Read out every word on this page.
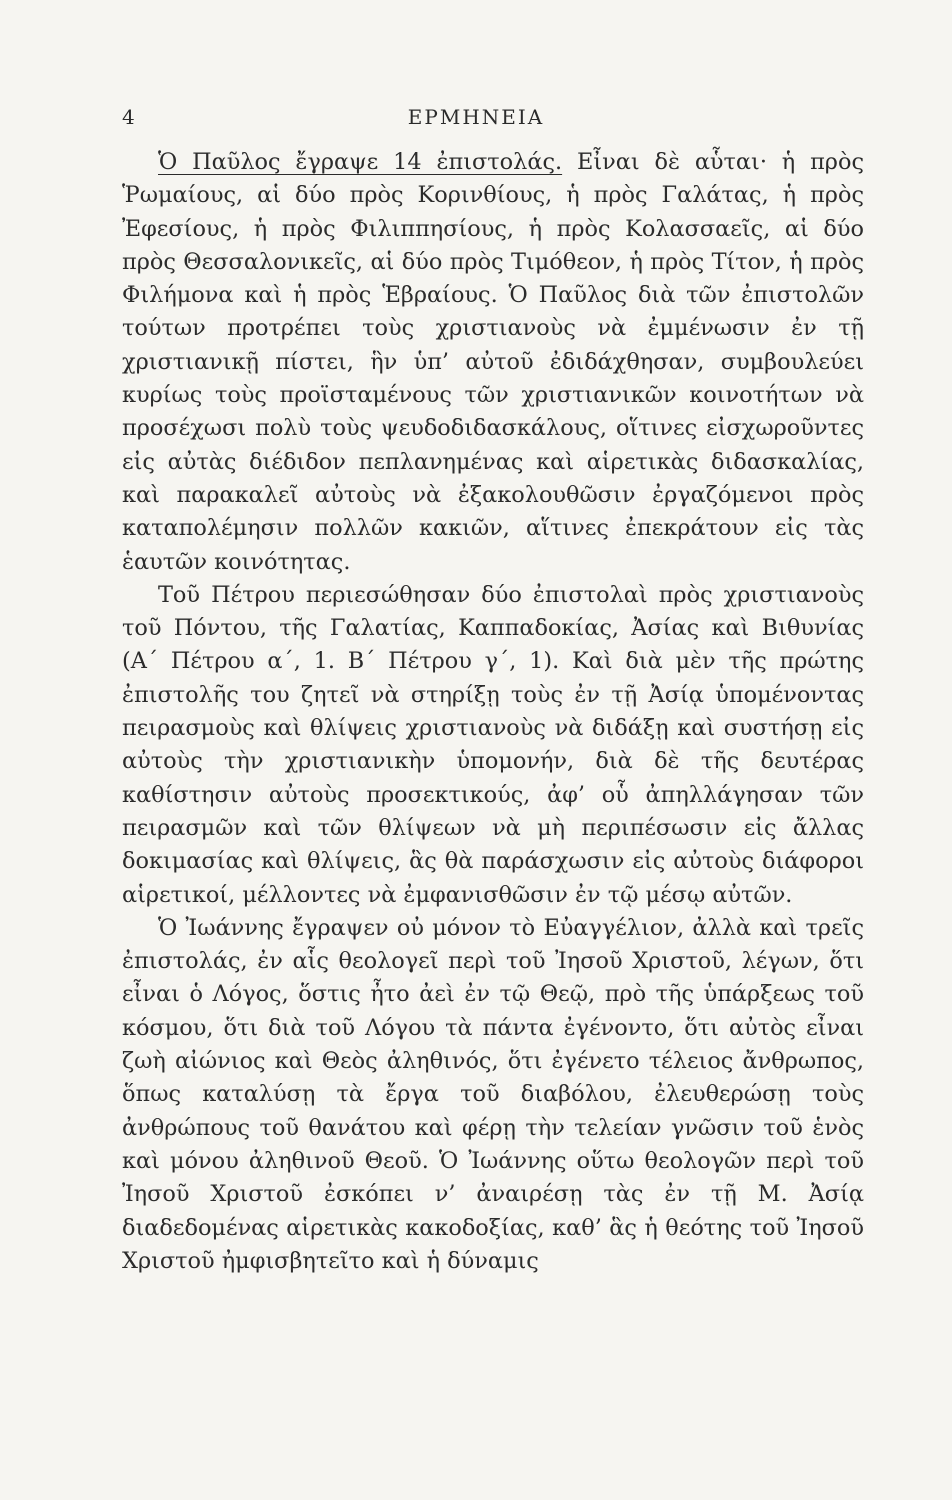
4	ΕΡΜΗΝΕΙΑ

Ὁ Παῦλος ἔγραψε 14 ἐπιστολάς. Εἶναι δὲ αὗται· ἡ πρὸς Ῥωμαίους, αἱ δύο πρὸς Κορινθίους, ἡ πρὸς Γαλάτας, ἡ πρὸς Ἐφεσίους, ἡ πρὸς Φιλιππησίους, ἡ πρὸς Κολασσαεῖς, αἱ δύο πρὸς Θεσσαλονικεῖς, αἱ δύο πρὸς Τιμόθεον, ἡ πρὸς Τίτον, ἡ πρὸς Φιλήμονα καὶ ἡ πρὸς Ἑβραίους. Ὁ Παῦλος διὰ τῶν ἐπιστολῶν τούτων προτρέπει τοὺς χριστιανοὺς νὰ ἐμμένωσιν ἐν τῇ χριστιανικῇ πίστει, ἣν ὑπ’ αὐτοῦ ἐδιδάχθησαν, συμβουλεύει κυρίως τοὺς προϊσταμένους τῶν χριστιανικῶν κοινοτήτων νὰ προσέχωσι πολὺ τοὺς ψευδοδιδασκάλους, οἵτινες εἰσχωροῦντες εἰς αὐτὰς διέδιδον πεπλανημένας καὶ αἱρετικὰς διδασκαλίας, καὶ παρακαλεῖ αὐτοὺς νὰ ἐξακολουθῶσιν ἐργαζόμενοι πρὸς καταπολέμησιν πολλῶν κακιῶν, αἵτινες ἐπεκράτουν εἰς τὰς ἑαυτῶν κοινότητας.

Τοῦ Πέτρου περιεσώθησαν δύο ἐπιστολαὶ πρὸς χριστιανοὺς τοῦ Πόντου, τῆς Γαλατίας, Καππαδοκίας, Ἀσίας καὶ Βιθυνίας (Α΄ Πέτρου α΄, 1. Β΄ Πέτρου γ΄, 1). Καὶ διὰ μὲν τῆς πρώτης ἐπιστολῆς του ζητεῖ νὰ στηρίξῃ τοὺς ἐν τῇ Ἀσίᾳ ὑπομένοντας πειρασμοὺς καὶ θλίψεις χριστιανοὺς νὰ διδάξῃ καὶ συστήσῃ εἰς αὐτοὺς τὴν χριστιανικὴν ὑπομονήν, διὰ δὲ τῆς δευτέρας καθίστησιν αὐτοὺς προσεκτικούς, ἀφ’ οὗ ἀπηλλάγησαν τῶν πειρασμῶν καὶ τῶν θλίψεων νὰ μὴ περιπέσωσιν εἰς ἄλλας δοκιμασίας καὶ θλίψεις, ἃς θὰ παράσχωσιν εἰς αὐτοὺς διάφοροι αἱρετικοί, μέλλοντες νὰ ἐμφανισθῶσιν ἐν τῷ μέσῳ αὐτῶν.

Ὁ Ἰωάννης ἔγραψεν οὐ μόνον τὸ Εὐαγγέλιον, ἀλλὰ καὶ τρεῖς ἐπιστολάς, ἐν αἷς θεολογεῖ περὶ τοῦ Ἰησοῦ Χριστοῦ, λέγων, ὅτι εἶναι ὁ Λόγος, ὅστις ἦτο ἀεὶ ἐν τῷ Θεῷ, πρὸ τῆς ὑπάρξεως τοῦ κόσμου, ὅτι διὰ τοῦ Λόγου τὰ πάντα ἐγένοντο, ὅτι αὐτὸς εἶναι ζωὴ αἰώνιος καὶ Θεὸς ἀληθινός, ὅτι ἐγένετο τέλειος ἄνθρωπος, ὅπως καταλύσῃ τὰ ἔργα τοῦ διαβόλου, ἐλευθερώσῃ τοὺς ἀνθρώπους τοῦ θανάτου καὶ φέρῃ τὴν τελείαν γνῶσιν τοῦ ἑνὸς καὶ μόνου ἀληθινοῦ Θεοῦ. Ὁ Ἰωάννης οὕτω θεολογῶν περὶ τοῦ Ἰησοῦ Χριστοῦ ἐσκόπει ν’ ἀναιρέσῃ τὰς ἐν τῇ Μ. Ἀσίᾳ διαδεδομένας αἱρετικὰς κακοδοξίας, καθ’ ἃς ἡ θεότης τοῦ Ἰησοῦ Χριστοῦ ἠμφισβητεῖτο καὶ ἡ δύναμις
